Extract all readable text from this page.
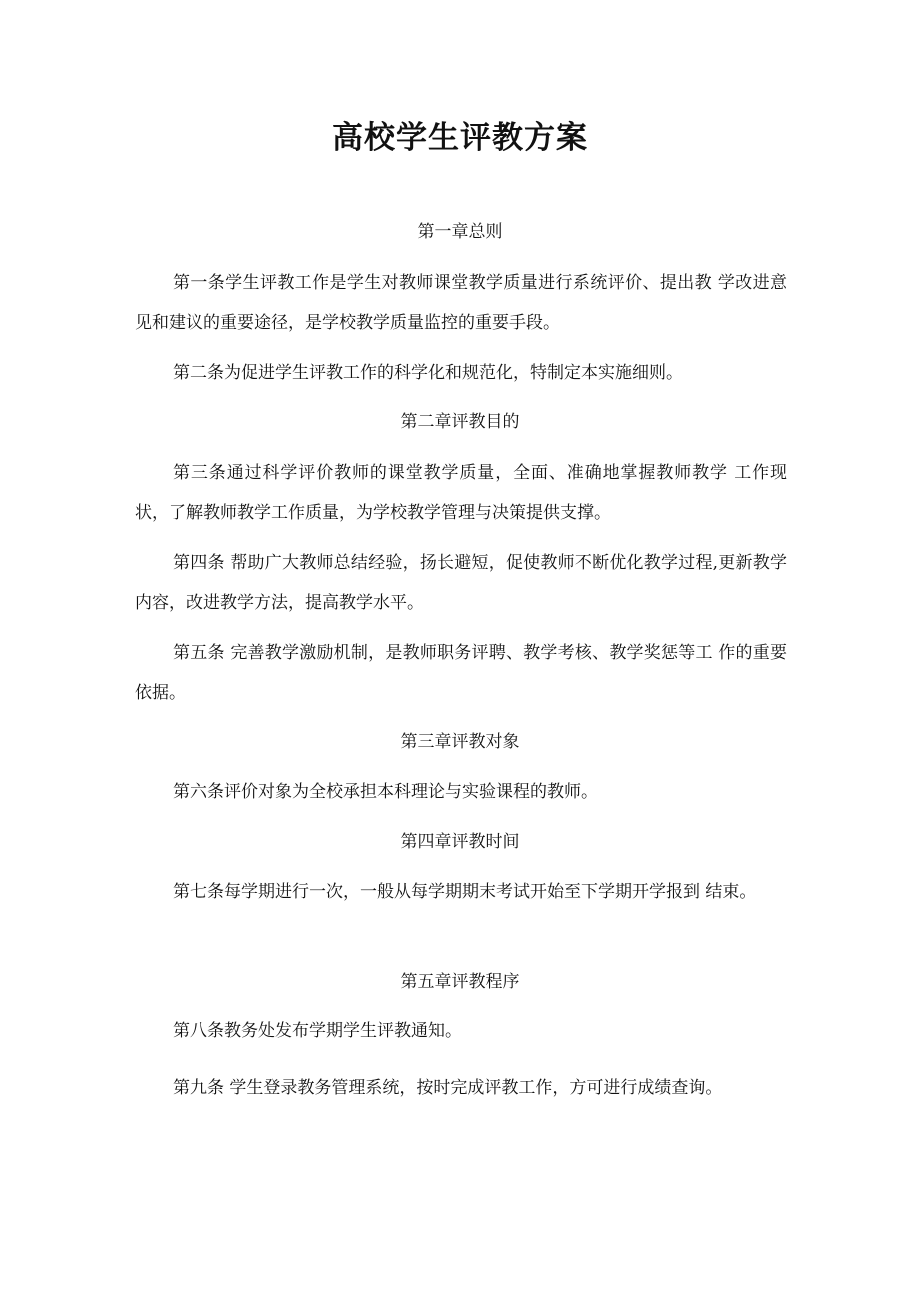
高校学生评教方案
第一章总则

第一条学生评教工作是学生对教师课堂教学质量进行系统评价、提出教 学改进意见和建议的重要途径，是学校教学质量监控的重要手段。

第二条为促进学生评教工作的科学化和规范化，特制定本实施细则。

第二章评教目的

第三条通过科学评价教师的课堂教学质量，全面、准确地掌握教师教学 工作现状，了解教师教学工作质量，为学校教学管理与决策提供支撑。

第四条 帮助广大教师总结经验，扬长避短，促使教师不断优化教学过程,更新教学内容，改进教学方法，提高教学水平。

第五条 完善教学激励机制，是教师职务评聘、教学考核、教学奖惩等工 作的重要依据。

第三章评教对象

第六条评价对象为全校承担本科理论与实验课程的教师。

第四章评教时间

第七条每学期进行一次，一般从每学期期末考试开始至下学期开学报到 结束。

第五章评教程序

第八条教务处发布学期学生评教通知。

第九条 学生登录教务管理系统，按时完成评教工作，方可进行成绩查询。
